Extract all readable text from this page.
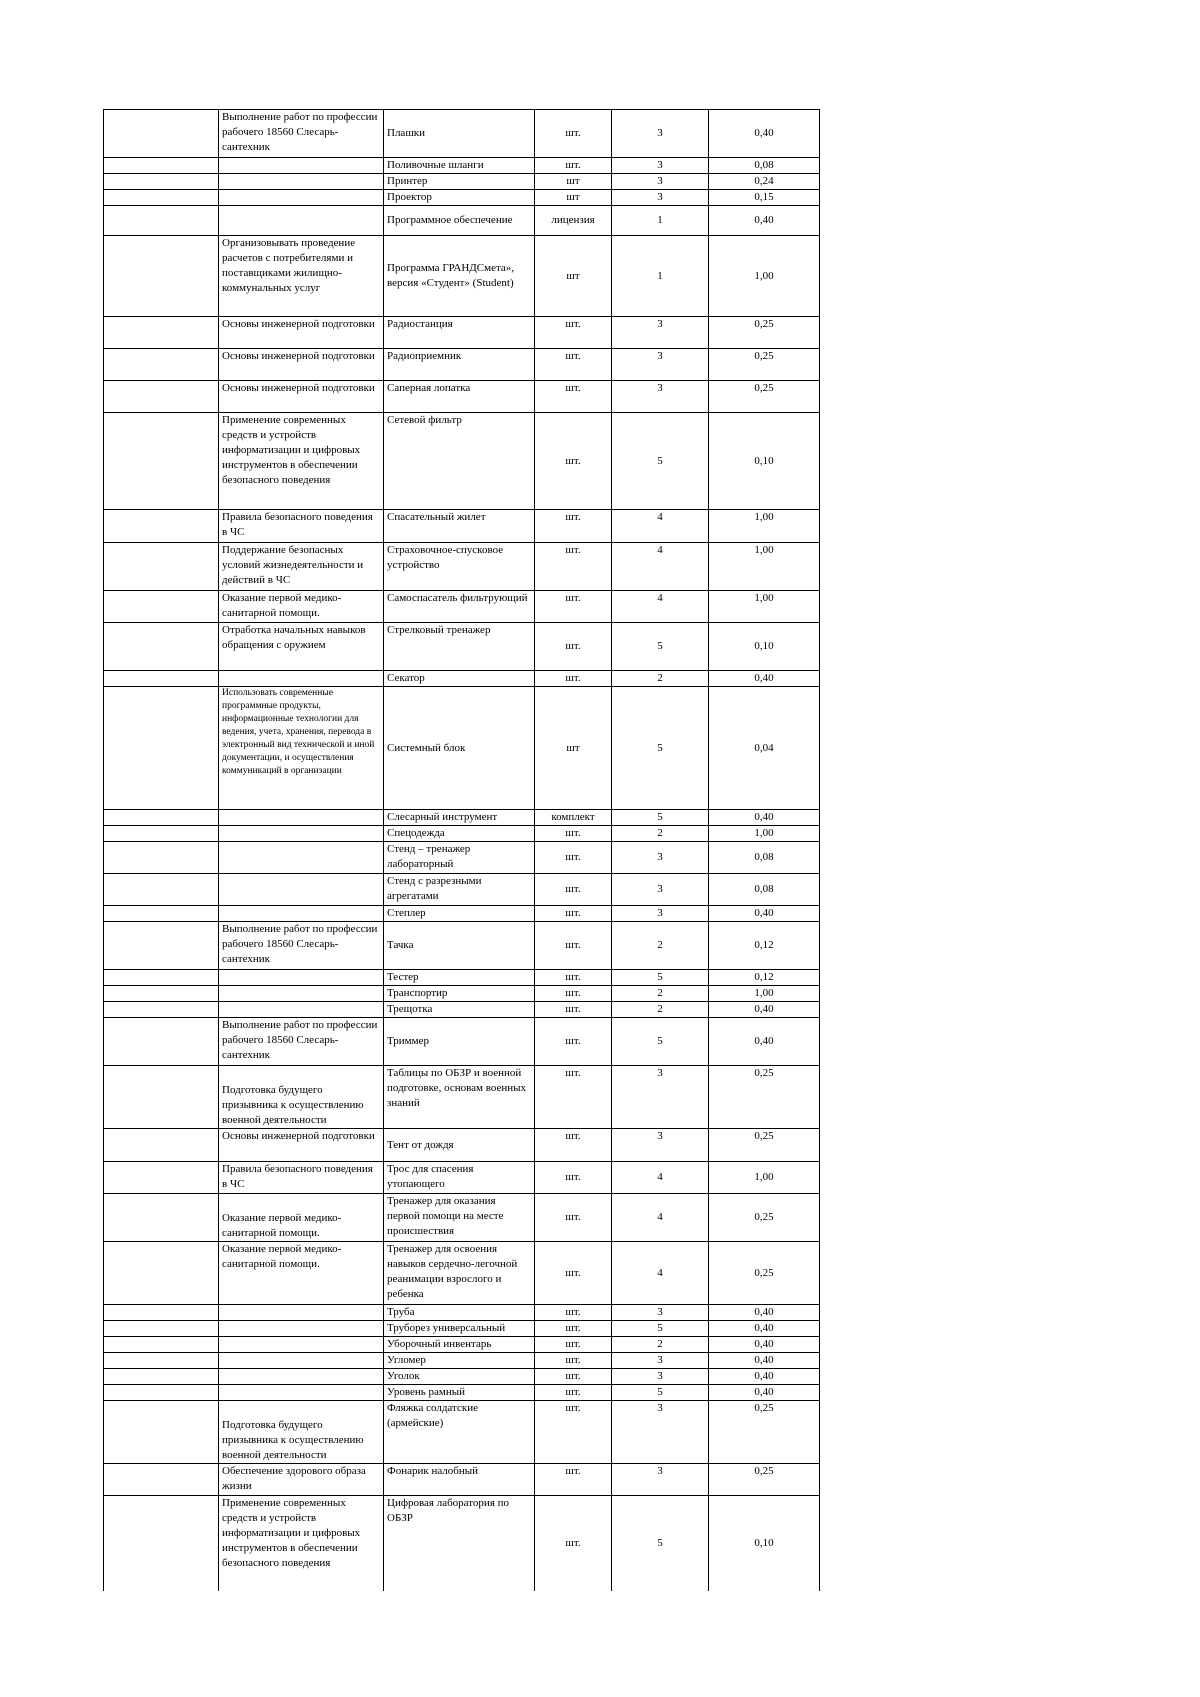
	Выполнение работ по профессии рабочего 18560 Слесарь-сантехник	Плашки	шт.	3	0,40
		Поливочные шланги	шт.	3	0,08
		Принтер	шт	3	0,24
		Проектор	шт	3	0,15
		Программное обеспечение	лицензия	1	0,40
	Организовывать проведение расчетов с потребителями и поставщиками жилищно-коммунальных услуг	Программа ГРАНДСмета», версия «Студент» (Student)	шт	1	1,00
	Основы инженерной подготовки	Радиостанция	шт.	3	0,25
	Основы инженерной подготовки	Радиоприемник	шт.	3	0,25
	Основы инженерной подготовки	Саперная лопатка	шт.	3	0,25
	Применение современных средств и устройств информатизации и цифровых инструментов в обеспечении безопасного поведения	Сетевой фильтр	шт.	5	0,10
	Правила безопасного поведения в ЧС	Спасательный жилет	шт.	4	1,00
	Поддержание безопасных условий жизнедеятельности и действий в ЧС	Страховочное-спусковое устройство	шт.	4	1,00
	Оказание первой медико-санитарной помощи.	Самоспасатель фильтрующий	шт.	4	1,00
	Отработка начальных навыков обращения с оружием	Стрелковый тренажер	шт.	5	0,10
		Секатор	шт.	2	0,40

	Использовать современные программные продукты, информационные технологии для ведения, учета, хранения, перевода в электронный вид технической и иной документации, и осуществления коммуникаций в организации	Системный блок	шт	5	0,04
		Слесарный инструмент	комплект	5	0,40
		Спецодежда	шт.	2	1,00
		Стенд – тренажер лабораторный	шт.	3	0,08
		Стенд с разрезными агрегатами	шт.	3	0,08
		Степлер	шт.	3	0,40
	Выполнение работ по профессии рабочего 18560 Слесарь-сантехник	Тачка	шт.	2	0,12
		Тестер	шт.	5	0,12
		Транспортир	шт.	2	1,00
		Трещотка	шт.	2	0,40
	Выполнение работ по профессии рабочего 18560 Слесарь-сантехник	Триммер	шт.	5	0,40
	Подготовка будущего призывника к осуществлению военной деятельности	Таблицы по ОБЗР и военной подготовке, основам военных знаний	шт.	3	0,25
	Основы инженерной подготовки	Тент от дождя	шт.	3	0,25
	Правила безопасного поведения в ЧС	Трос для спасения утопающего	шт.	4	1,00
	Оказание первой медико-санитарной помощи.	Тренажер для оказания первой помощи на месте происшествия	шт.	4	0,25
	Оказание первой медико-санитарной помощи.	Тренажер для освоения навыков сердечно-легочной реанимации взрослого и ребенка	шт.	4	0,25
		Труба	шт.	3	0,40
		Труборез универсальный	шт.	5	0,40
		Уборочный инвентарь	шт.	2	0,40
		Угломер	шт.	3	0,40
		Уголок	шт.	3	0,40
		Уровень рамный	шт.	5	0,40
	Подготовка будущего призывника к осуществлению военной деятельности	Фляжка солдатские (армейские)	шт.	3	0,25
	Обеспечение здорового образа жизни	Фонарик налобный	шт.	3	0,25
	Применение современных средств и устройств информатизации и цифровых инструментов в обеспечении безопасного поведения	Цифровая лаборатория по ОБЗР	шт.	5	0,10
